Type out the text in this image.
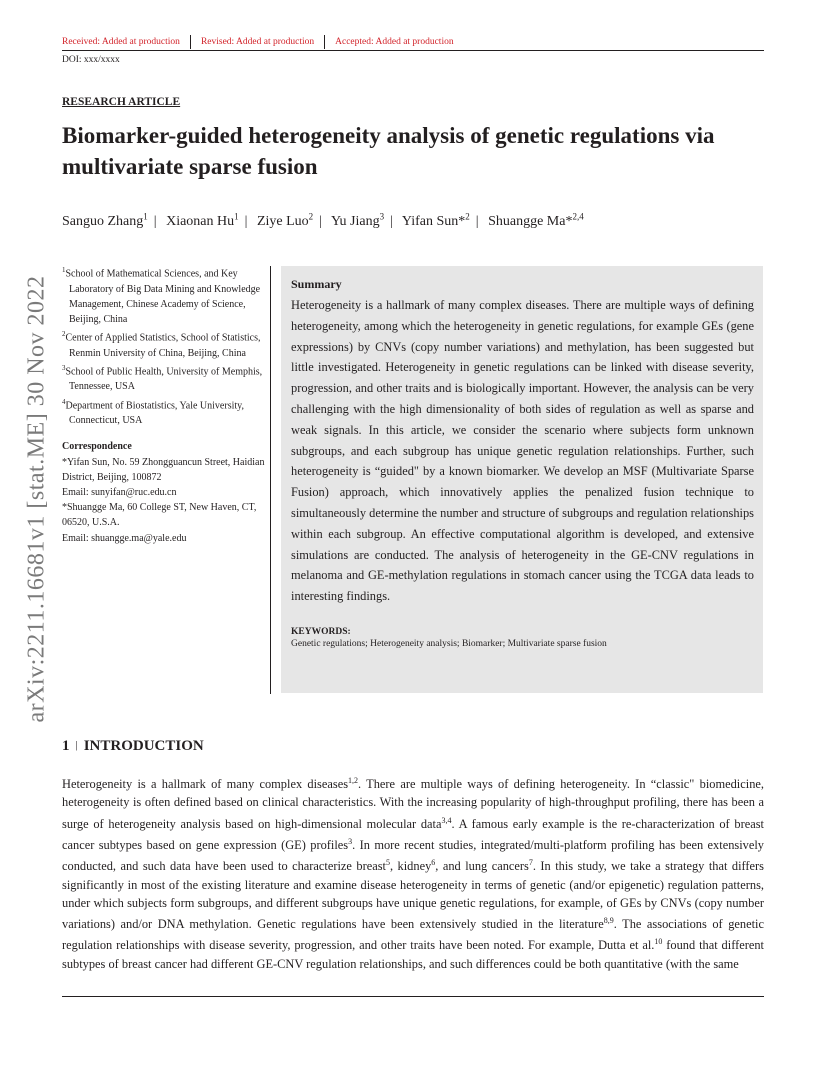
Received: Added at production	Revised: Added at production	Accepted: Added at production
DOI: xxx/xxxx
RESEARCH ARTICLE
Biomarker-guided heterogeneity analysis of genetic regulations via multivariate sparse fusion
Sanguo Zhang$^1$ | Xiaonan Hu$^1$ | Ziye Luo$^2$ | Yu Jiang$^3$ | Yifan Sun*$^2$ | Shuangge Ma*$^{2,4}$
arXiv:2211.16681v1 [stat.ME] 30 Nov 2022

$^1$School of Mathematical Sciences, and Key Laboratory of Big Data Mining and Knowledge Management, Chinese Academy of Science, Beijing, China

$^2$Center of Applied Statistics, School of Statistics, Renmin University of China, Beijing, China

$^3$School of Public Health, University of Memphis, Tennessee, USA

$^4$Department of Biostatistics, Yale University, Connecticut, USA

Correspondence
*Yifan Sun, No. 59 Zhongguancun Street, Haidian District, Beijing, 100872
Email: sunyifan@ruc.edu.cn
*Shuangge Ma, 60 College ST, New Haven, CT, 06520, U.S.A.
Email: shuangge.ma@yale.edu
Summary

Heterogeneity is a hallmark of many complex diseases. There are multiple ways of defining heterogeneity, among which the heterogeneity in genetic regulations, for example GEs (gene expressions) by CNVs (copy number variations) and methylation, has been suggested but little investigated. Heterogeneity in genetic regulations can be linked with disease severity, progression, and other traits and is biologically important. However, the analysis can be very challenging with the high dimensionality of both sides of regulation as well as sparse and weak signals. In this article, we consider the scenario where subjects form unknown subgroups, and each subgroup has unique genetic regulation relationships. Further, such heterogeneity is “guided" by a known biomarker. We develop an MSF (Multivariate Sparse Fusion) approach, which innovatively applies the penalized fusion technique to simultaneously determine the number and structure of subgroups and regulation relationships within each subgroup. An effective computational algorithm is developed, and extensive simulations are conducted. The analysis of heterogeneity in the GE-CNV regulations in melanoma and GE-methylation regulations in stomach cancer using the TCGA data leads to interesting findings.

KEYWORDS:

Genetic regulations; Heterogeneity analysis; Biomarker; Multivariate sparse fusion

1 | INTRODUCTION

Heterogeneity is a hallmark of many complex diseases$^{1,2}$. There are multiple ways of defining heterogeneity. In “classic" biomedicine, heterogeneity is often defined based on clinical characteristics. With the increasing popularity of high-throughput profiling, there has been a surge of heterogeneity analysis based on high-dimensional molecular data$^{3,4}$. A famous early example is the re-characterization of breast cancer subtypes based on gene expression (GE) profiles$^3$. In more recent studies, integrated/multi-platform profiling has been extensively conducted, and such data have been used to characterize breast$^5$, kidney$^6$, and lung cancers$^7$. In this study, we take a strategy that differs significantly in most of the existing literature and examine disease heterogeneity in terms of genetic (and/or epigenetic) regulation patterns, under which subjects form subgroups, and different subgroups have unique genetic regulations, for example, of GEs by CNVs (copy number variations) and/or DNA methylation. Genetic regulations have been extensively studied in the literature$^{8,9}$. The associations of genetic regulation relationships with disease severity, progression, and other traits have been noted. For example, Dutta et al.$^{10}$ found that different subtypes of breast cancer had different GE-CNV regulation relationships, and such differences could be both quantitative (with the same
